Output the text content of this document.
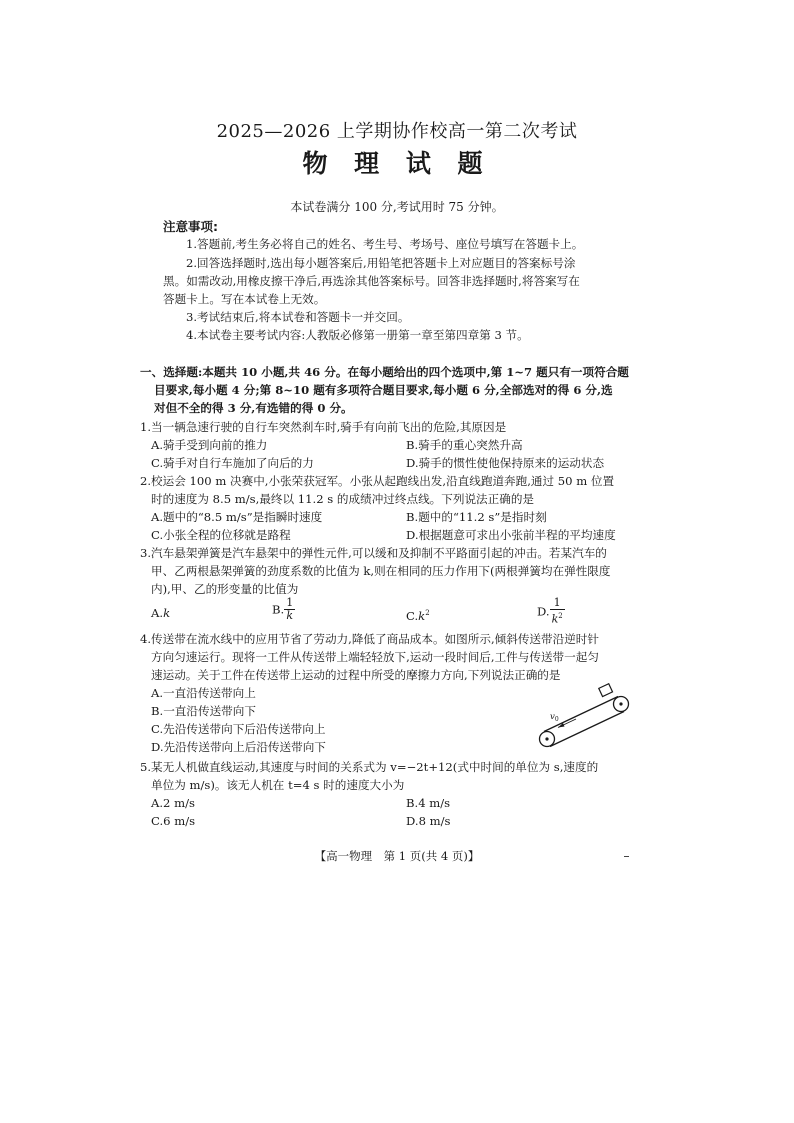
2025—2026 上学期协作校高一第二次考试
物 理 试 题
本试卷满分 100 分,考试用时 75 分钟。
注意事项:
1.答题前,考生务必将自己的姓名、考生号、考场号、座位号填写在答题卡上。
2.回答选择题时,选出每小题答案后,用铅笔把答题卡上对应题目的答案标号涂
黑。如需改动,用橡皮擦干净后,再选涂其他答案标号。回答非选择题时,将答案写在
答题卡上。写在本试卷上无效。
3.考试结束后,将本试卷和答题卡一并交回。
4.本试卷主要考试内容:人教版必修第一册第一章至第四章第 3 节。
一、选择题:本题共 10 小题,共 46 分。在每小题给出的四个选项中,第 1~7 题只有一项符合题
目要求,每小题 4 分;第 8~10 题有多项符合题目要求,每小题 6 分,全部选对的得 6 分,选
对但不全的得 3 分,有选错的得 0 分。
1.当一辆急速行驶的自行车突然刹车时,骑手有向前飞出的危险,其原因是
A.骑手受到向前的推力	B.骑手的重心突然升高
C.骑手对自行车施加了向后的力	D.骑手的惯性使他保持原来的运动状态
2.校运会 100 m 决赛中,小张荣获冠军。小张从起跑线出发,沿直线跑道奔跑,通过 50 m 位置
时的速度为 8.5 m/s,最终以 11.2 s 的成绩冲过终点线。下列说法正确的是
A.题中的“8.5 m/s”是指瞬时速度	B.题中的“11.2 s”是指时刻
C.小张全程的位移就是路程	D.根据题意可求出小张前半程的平均速度
3.汽车悬架弹簧是汽车悬架中的弹性元件,可以缓和及抑制不平路面引起的冲击。若某汽车的
甲、乙两根悬架弹簧的劲度系数的比值为 k,则在相同的压力作用下(两根弹簧均在弹性限度
内),甲、乙的形变量的比值为
A.k	B. $\frac{1}{k}$	$C.k^2$	D. $\frac{1}{k^2}$
4.传送带在流水线中的应用节省了劳动力,降低了商品成本。如图所示,倾斜传送带沿逆时针
方向匀速运行。现将一工件从传送带上端轻轻放下,运动一段时间后,工件与传送带一起匀
速运动。关于工件在传送带上运动的过程中所受的摩擦力方向,下列说法正确的是
A.一直沿传送带向上
B.一直沿传送带向下
C.先沿传送带向下后沿传送带向上
D.先沿传送带向上后沿传送带向下
$v_0$
5.某无人机做直线运动,其速度与时间的关系式为 v=−2t+12(式中时间的单位为 s,速度的
单位为 m/s)。该无人机在 t=4 s 时的速度大小为
A.2 m/s	B.4 m/s
C.6 m/s	D.8 m/s
【高一物理　第 1 页(共 4 页)】
